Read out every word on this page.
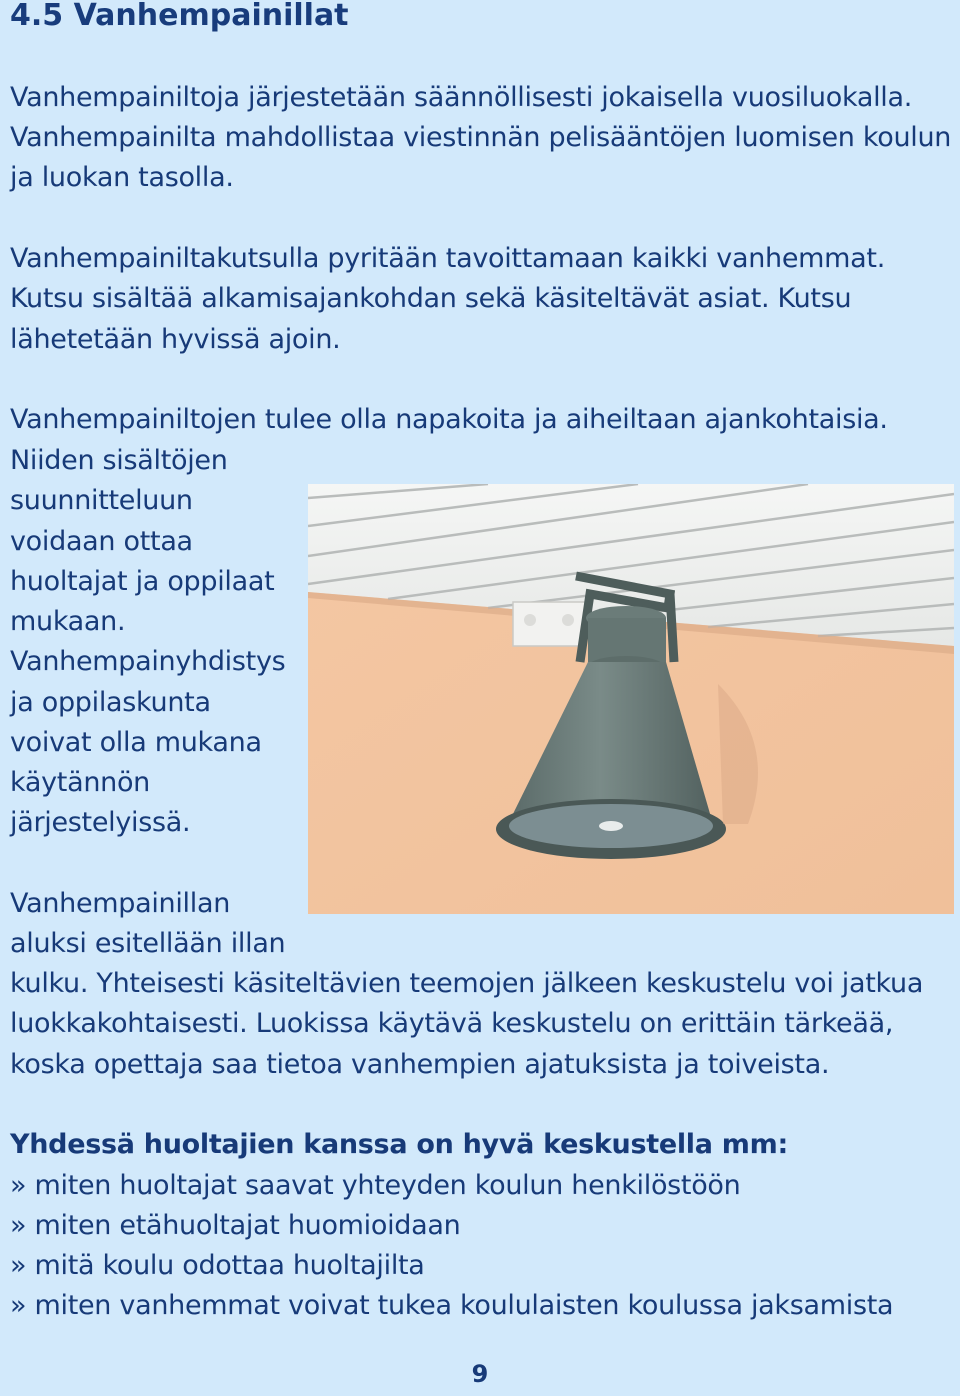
4.5 Vanhempainillat

Vanhempainiltoja järjestetään säännöllisesti jokaisella vuosiluokalla.

Vanhempainilta mahdollistaa viestinnän pelisääntöjen luomisen koulun

ja luokan tasolla.

Vanhempainiltakutsulla pyritään tavoittamaan kaikki vanhemmat.

Kutsu sisältää alkamisajankohdan sekä käsiteltävät asiat. Kutsu

lähetetään hyvissä ajoin.

Vanhempainiltojen tulee olla napakoita ja aiheiltaan ajankohtaisia.

Niiden sisältöjen

suunnitteluun

voidaan ottaa

huoltajat ja oppilaat

mukaan.

Vanhempainyhdistys

ja oppilaskunta

voivat olla mukana

käytännön

järjestelyissä.

Vanhempainillan

aluksi esitellään illan

kulku. Yhteisesti käsiteltävien teemojen jälkeen keskustelu voi jatkua

luokkakohtaisesti. Luokissa käytävä keskustelu on erittäin tärkeää,

koska opettaja saa tietoa vanhempien ajatuksista ja toiveista.

Yhdessä huoltajien kanssa on hyvä keskustella mm:

» miten huoltajat saavat yhteyden koulun henkilöstöön

» miten etähuoltajat huomioidaan

» mitä koulu odottaa huoltajilta

» miten vanhemmat voivat tukea koululaisten koulussa jaksamista

9
